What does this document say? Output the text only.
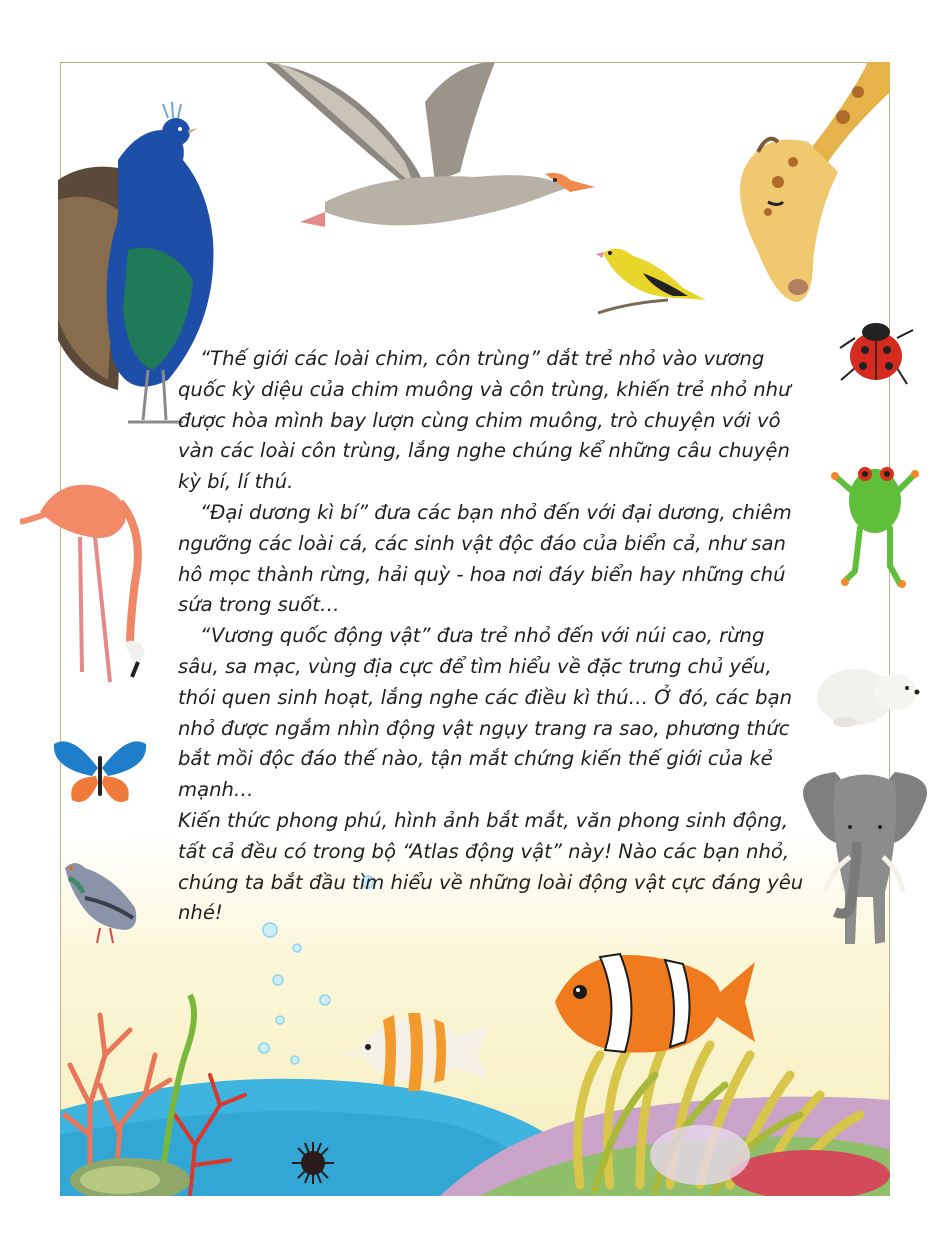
“Thế giới các loài chim, côn trùng” dắt trẻ nhỏ vào vương quốc kỳ diệu của chim muông và côn trùng, khiến trẻ nhỏ như được hòa mình bay lượn cùng chim muông, trò chuyện với vô vàn các loài côn trùng, lắng nghe chúng kể những câu chuyện kỳ bí, lí thú.

“Đại dương kì bí” đưa các bạn nhỏ đến với đại dương, chiêm ngưỡng các loài cá, các sinh vật độc đáo của biển cả, như san hô mọc thành rừng, hải quỳ - hoa nơi đáy biển hay những chú sứa trong suốt…

“Vương quốc động vật” đưa trẻ nhỏ đến với núi cao, rừng sâu, sa mạc, vùng địa cực để tìm hiểu về đặc trưng chủ yếu, thói quen sinh hoạt, lắng nghe các điều kì thú… Ở đó, các bạn nhỏ được ngắm nhìn động vật ngụy trang ra sao, phương thức bắt mồi độc đáo thế nào, tận mắt chứng kiến thế giới của kẻ mạnh…

Kiến thức phong phú, hình ảnh bắt mắt, văn phong sinh động, tất cả đều có trong bộ “Atlas động vật” này! Nào các bạn nhỏ, chúng ta bắt đầu tìm hiểu về những loài động vật cực đáng yêu nhé!
